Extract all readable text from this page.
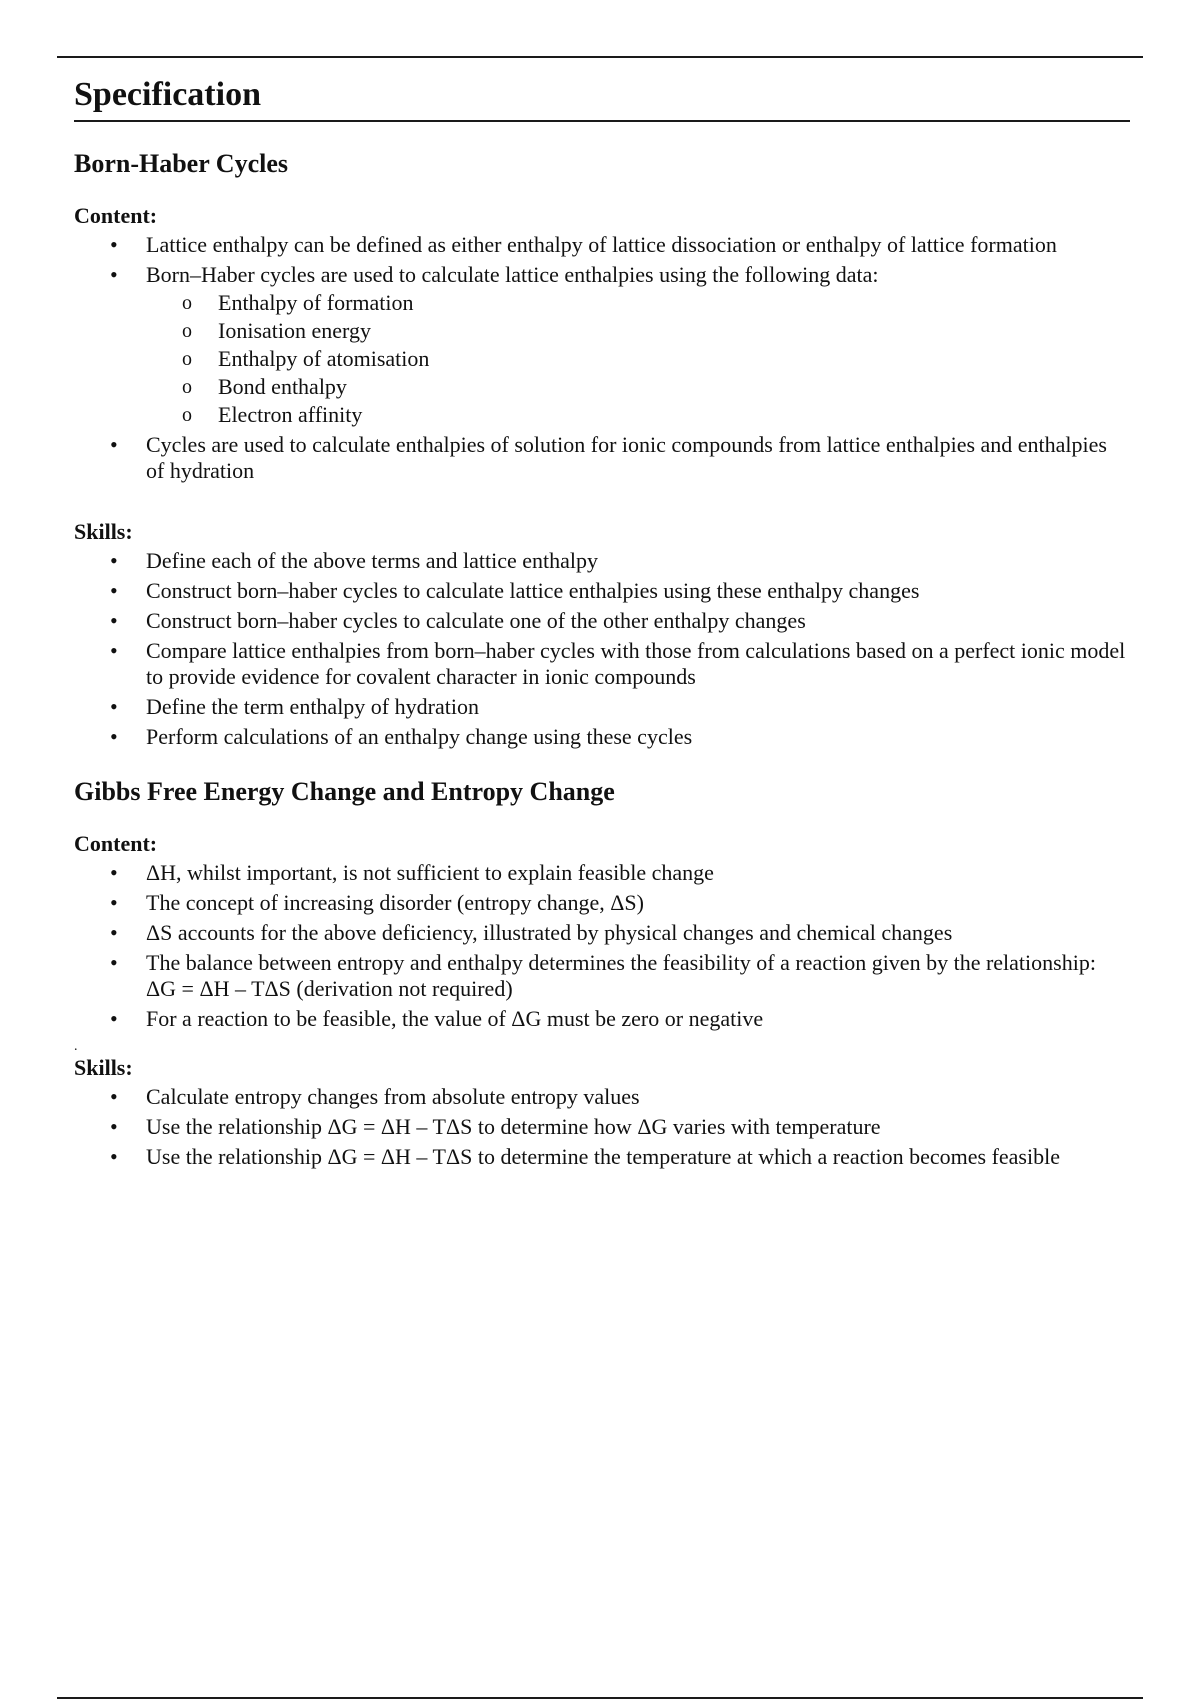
Specification
Born-Haber Cycles
Content:
• Lattice enthalpy can be defined as either enthalpy of lattice dissociation or enthalpy of lattice formation
• Born–Haber cycles are used to calculate lattice enthalpies using the following data:
o Enthalpy of formation
o Ionisation energy
o Enthalpy of atomisation
o Bond enthalpy
o Electron affinity
• Cycles are used to calculate enthalpies of solution for ionic compounds from lattice enthalpies and enthalpies of hydration
Skills:
• Define each of the above terms and lattice enthalpy
• Construct born–haber cycles to calculate lattice enthalpies using these enthalpy changes
• Construct born–haber cycles to calculate one of the other enthalpy changes
• Compare lattice enthalpies from born–haber cycles with those from calculations based on a perfect ionic model to provide evidence for covalent character in ionic compounds
• Define the term enthalpy of hydration
• Perform calculations of an enthalpy change using these cycles
Gibbs Free Energy Change and Entropy Change
Content:
• ΔH, whilst important, is not sufficient to explain feasible change
• The concept of increasing disorder (entropy change, ΔS)
• ΔS accounts for the above deficiency, illustrated by physical changes and chemical changes
• The balance between entropy and enthalpy determines the feasibility of a reaction given by the relationship: ΔG = ΔH – TΔS (derivation not required)
• For a reaction to be feasible, the value of ΔG must be zero or negative
.
Skills:
• Calculate entropy changes from absolute entropy values
• Use the relationship ΔG = ΔH – TΔS to determine how ΔG varies with temperature
• Use the relationship ΔG = ΔH – TΔS to determine the temperature at which a reaction becomes feasible
